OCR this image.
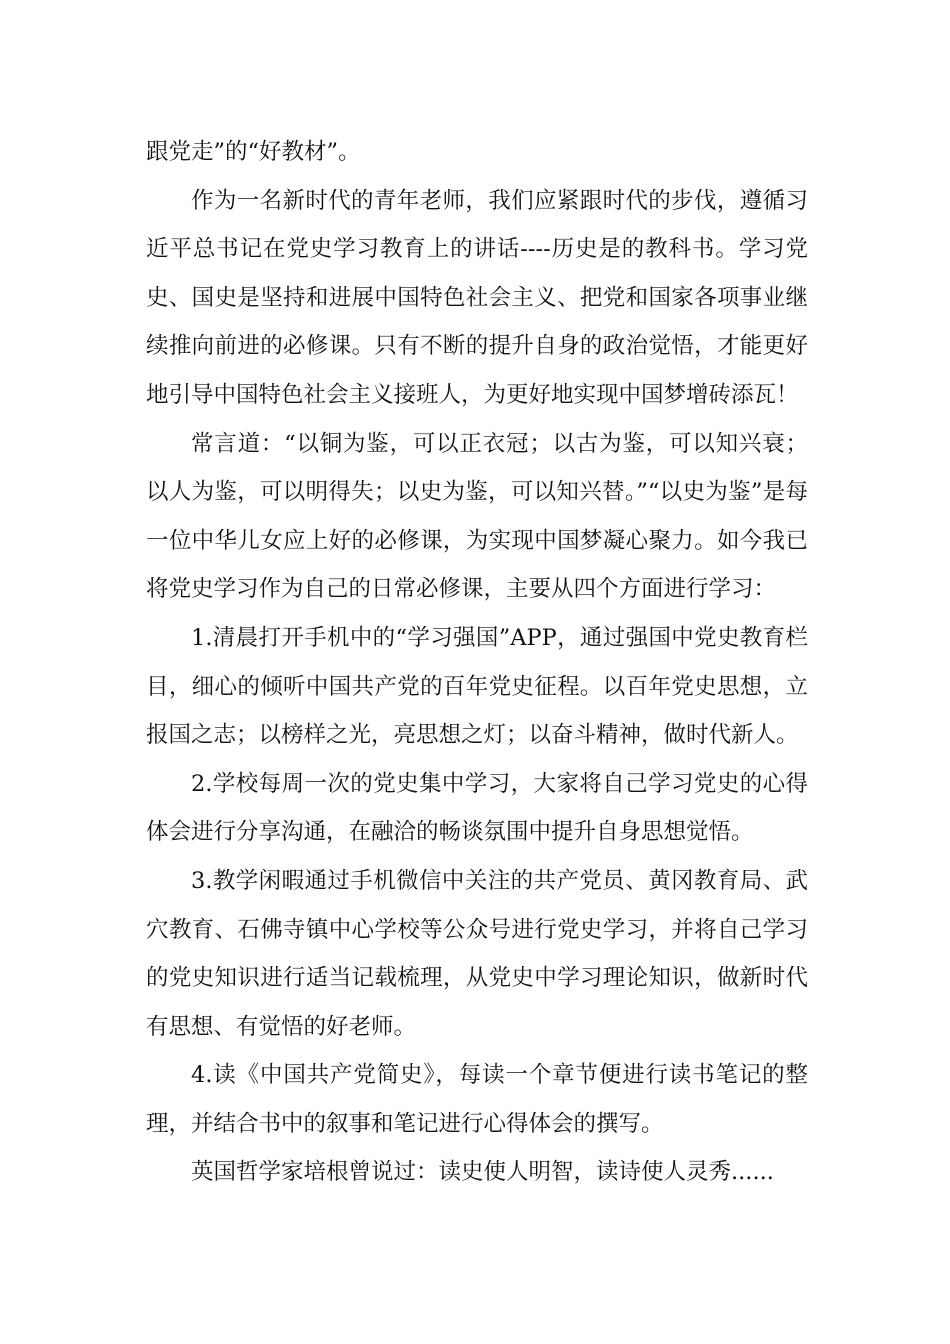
跟党走”的“好教材”。

作为一名新时代的青年老师，我们应紧跟时代的步伐，遵循习近平总书记在党史学习教育上的讲话----历史是的教科书。学习党史、国史是坚持和进展中国特色社会主义、把党和国家各项事业继续推向前进的必修课。只有不断的提升自身的政治觉悟，才能更好地引导中国特色社会主义接班人，为更好地实现中国梦增砖添瓦！

常言道：“以铜为鉴，可以正衣冠；以古为鉴，可以知兴衰；以人为鉴，可以明得失；以史为鉴，可以知兴替。”“以史为鉴”是每一位中华儿女应上好的必修课，为实现中国梦凝心聚力。如今我已将党史学习作为自己的日常必修课，主要从四个方面进行学习：

1.清晨打开手机中的“学习强国”APP，通过强国中党史教育栏目，细心的倾听中国共产党的百年党史征程。以百年党史思想，立报国之志；以榜样之光，亮思想之灯；以奋斗精神，做时代新人。

2.学校每周一次的党史集中学习，大家将自己学习党史的心得体会进行分享沟通，在融洽的畅谈氛围中提升自身思想觉悟。

3.教学闲暇通过手机微信中关注的共产党员、黄冈教育局、武穴教育、石佛寺镇中心学校等公众号进行党史学习，并将自己学习的党史知识进行适当记载梳理，从党史中学习理论知识，做新时代有思想、有觉悟的好老师。

4.读《中国共产党简史》，每读一个章节便进行读书笔记的整理，并结合书中的叙事和笔记进行心得体会的撰写。

英国哲学家培根曾说过：读史使人明智，读诗使人灵秀......
